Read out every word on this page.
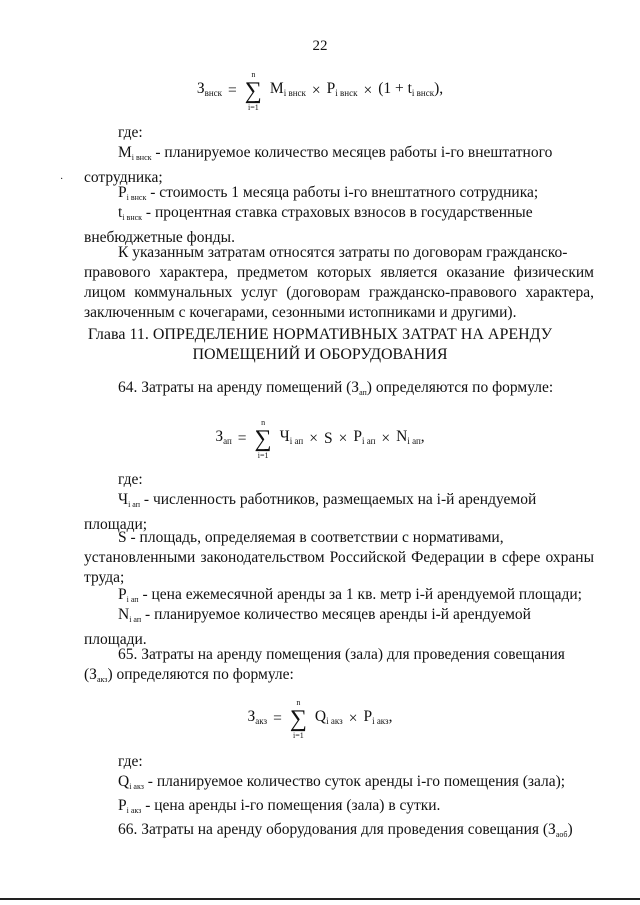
22
$З_{внск}$ =
n
∑
i=1
$M_{i внск} \times P_{i внск} \times (1 + t_{i внск})$,
где:
$M_{i внск}$ - планируемое количество месяцев работы i-го внештатного
сотрудника;
·
$P_{i внск}$ - стоимость 1 месяца работы i-го внештатного сотрудника;
$t_{i внск}$ - процентная ставка страховых взносов в государственные
внебюджетные фонды.
К указанным затратам относятся затраты по договорам гражданско-
правового характера, предметом которых является оказание физическим лицом коммунальных услуг (договорам гражданско-правового характера, заключенным с кочегарами, сезонными истопниками и другими).
Глава 11. ОПРЕДЕЛЕНИЕ НОРМАТИВНЫХ ЗАТРАТ НА АРЕНДУ
ПОМЕЩЕНИЙ И ОБОРУДОВАНИЯ
64. Затраты на аренду помещений $(З_{ап})$ определяются по формуле:
$З_{ап}$ =
n
∑
i=1
$Ч_{i ап} \times S \times P_{i ап} \times N_{i ап}$,
где:
$Ч_{i ап}$ - численность работников, размещаемых на i-й арендуемой
площади;
S - площадь, определяемая в соответствии с нормативами,
установленными законодательством Российской Федерации в сфере охраны труда;
$P_{i ап}$ - цена ежемесячной аренды за 1 кв. метр i-й арендуемой площади;
$N_{i ап}$ - планируемое количество месяцев аренды i-й арендуемой
площади.
65. Затраты на аренду помещения (зала) для проведения совещания
$(З_{акз})$ определяются по формуле:
$З_{акз}$ =
n
∑
i=1
$Q_{i акз} \times P_{i акз}$,
где:
$Q_{i акз}$ - планируемое количество суток аренды i-го помещения (зала);
$P_{i акз}$ - цена аренды i-го помещения (зала) в сутки.
66. Затраты на аренду оборудования для проведения совещания $(З_{аоб})$
